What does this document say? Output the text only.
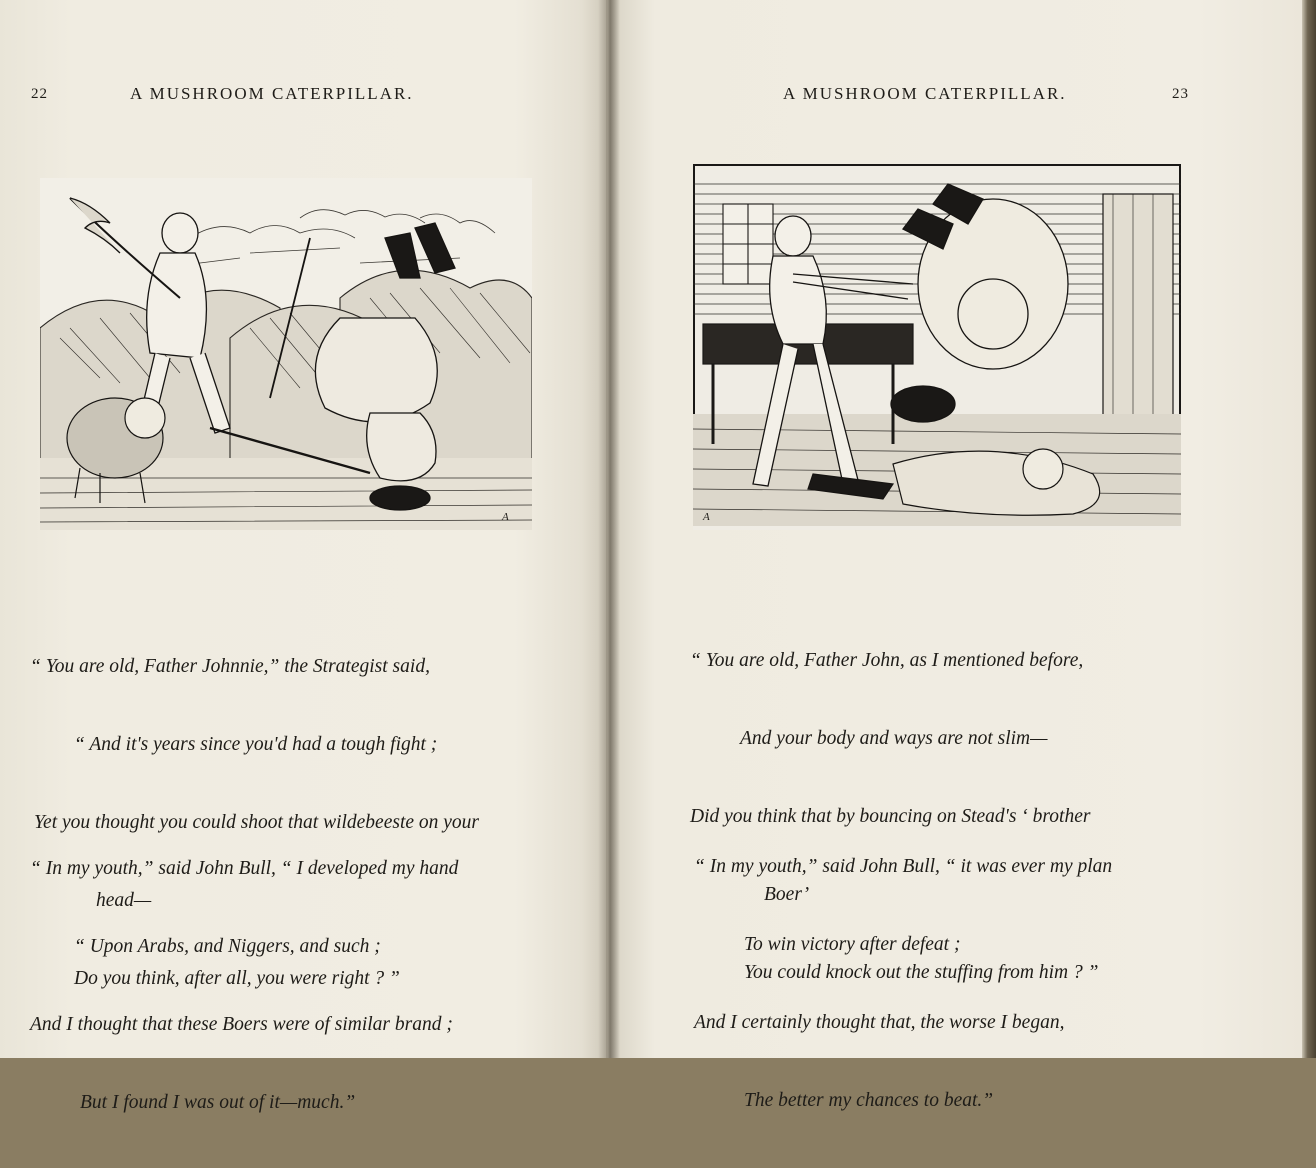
22	A MUSHROOM CATERPILLAR.	A MUSHROOM CATERPILLAR.	23
A	A

“ You are old, Father Johnnie,” the Strategist said,

“ And it's years since you'd had a tough fight ;

Yet you thought you could shoot that wildebeeste on your

head—

Do you think, after all, you were right ? ”

“ In my youth,” said John Bull, “ I developed my hand

“ Upon Arabs, and Niggers, and such ;

And I thought that these Boers were of similar brand ;

But I found I was out of it—much.”

“ You are old, Father John, as I mentioned before,

And your body and ways are not slim—

Did you think that by bouncing on Stead's ‘ brother

Boer’

You could knock out the stuffing from him ? ”

“ In my youth,” said John Bull, “ it was ever my plan

To win victory after defeat ;

And I certainly thought that, the worse I began,

The better my chances to beat.”
